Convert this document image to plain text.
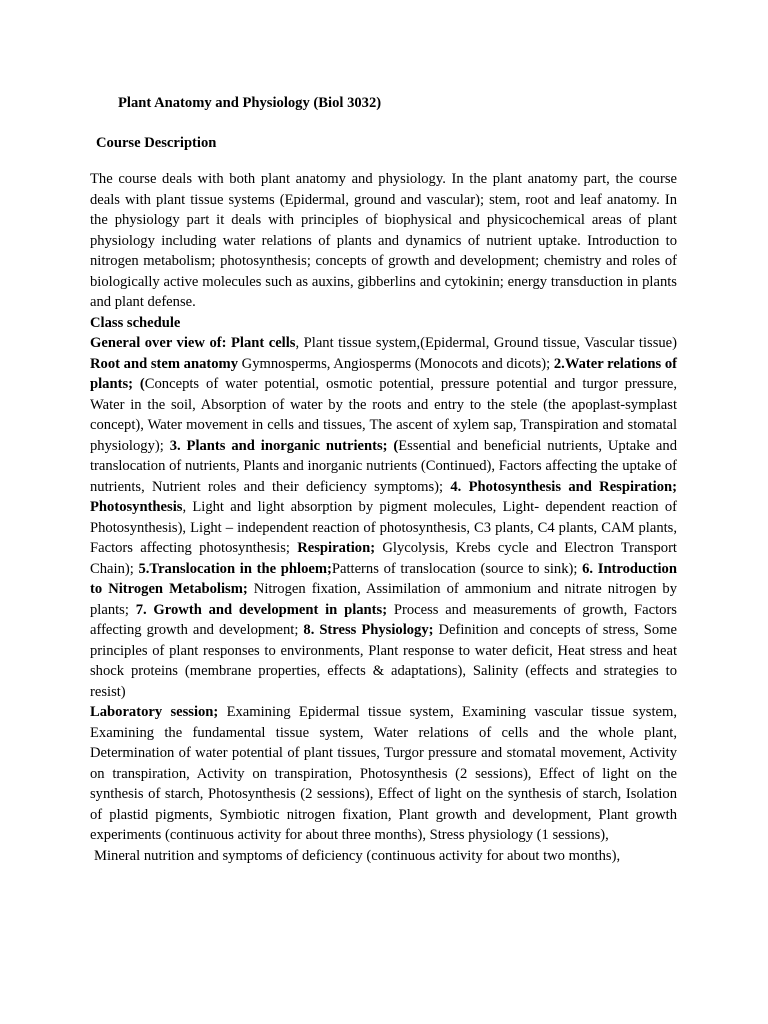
Plant Anatomy and Physiology (Biol 3032)
Course Description

The course deals with both plant anatomy and physiology. In the plant anatomy part, the course deals with plant tissue systems (Epidermal, ground and vascular); stem, root and leaf anatomy. In the physiology part it deals with principles of biophysical and physicochemical areas of plant physiology including water relations of plants and dynamics of nutrient uptake. Introduction to nitrogen metabolism; photosynthesis; concepts of growth and development; chemistry and roles of biologically active molecules such as auxins, gibberlins and cytokinin; energy transduction in plants and plant defense.

Class schedule

General over view of: Plant cells, Plant tissue system,(Epidermal, Ground tissue, Vascular tissue) Root and stem anatomy Gymnosperms, Angiosperms (Monocots and dicots); 2.Water relations of plants; (Concepts of water potential, osmotic potential, pressure potential and turgor pressure, Water in the soil, Absorption of water by the roots and entry to the stele (the apoplast-symplast concept), Water movement in cells and tissues, The ascent of xylem sap, Transpiration and stomatal physiology); 3. Plants and inorganic nutrients; (Essential and beneficial nutrients, Uptake and translocation of nutrients, Plants and inorganic nutrients (Continued), Factors affecting the uptake of nutrients, Nutrient roles and their deficiency symptoms); 4. Photosynthesis and Respiration; Photosynthesis, Light and light absorption by pigment molecules, Light- dependent reaction of Photosynthesis), Light – independent reaction of photosynthesis, C3 plants, C4 plants, CAM plants, Factors affecting photosynthesis; Respiration; Glycolysis, Krebs cycle and Electron Transport Chain); 5.Translocation in the phloem;Patterns of translocation (source to sink); 6. Introduction to Nitrogen Metabolism; Nitrogen fixation, Assimilation of ammonium and nitrate nitrogen by plants; 7. Growth and development in plants; Process and measurements of growth, Factors affecting growth and development; 8. Stress Physiology; Definition and concepts of stress, Some principles of plant responses to environments, Plant response to water deficit, Heat stress and heat shock proteins (membrane properties, effects & adaptations), Salinity (effects and strategies to resist)

Laboratory session; Examining Epidermal tissue system, Examining vascular tissue system, Examining the fundamental tissue system, Water relations of cells and the whole plant, Determination of water potential of plant tissues, Turgor pressure and stomatal movement, Activity on transpiration, Activity on transpiration, Photosynthesis (2 sessions), Effect of light on the synthesis of starch, Photosynthesis (2 sessions), Effect of light on the synthesis of starch, Isolation of plastid pigments, Symbiotic nitrogen fixation, Plant growth and development, Plant growth experiments (continuous activity for about three months), Stress physiology (1 sessions),

Mineral nutrition and symptoms of deficiency (continuous activity for about two months),
